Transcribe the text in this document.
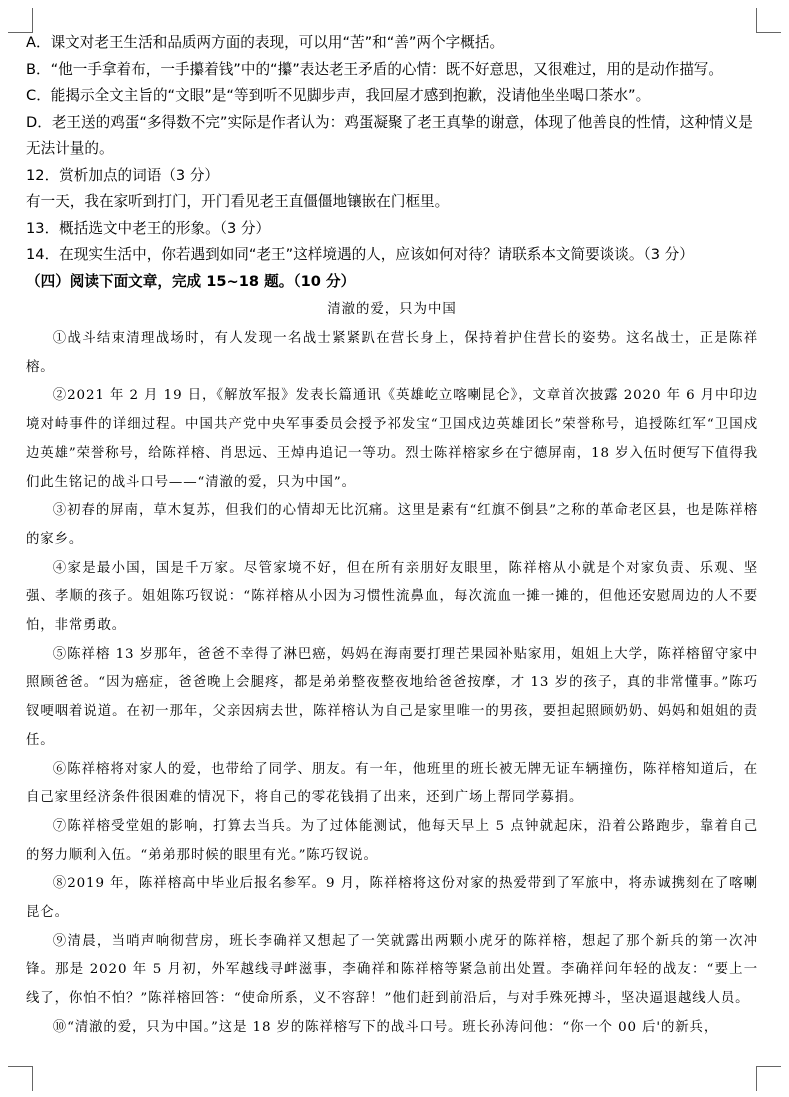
A．课文对老王生活和品质两方面的表现，可以用“苦”和“善”两个字概括。

B．“他一手拿着布，一手攥着钱”中的“攥”表达老王矛盾的心情：既不好意思，又很难过，用的是动作描写。

C．能揭示全文主旨的“文眼”是“等到听不见脚步声，我回屋才感到抱歉，没请他坐坐喝口茶水”。

D．老王送的鸡蛋“多得数不完”实际是作者认为：鸡蛋凝聚了老王真挚的谢意，体现了他善良的性情，这种情义是无法计量的。

12．赏析加点的词语（3 分）

有一天，我在家听到打门，开门看见老王直僵僵地镶嵌在门框里。

13．概括选文中老王的形象。（3 分）

14．在现实生活中，你若遇到如同“老王”这样境遇的人，应该如何对待？请联系本文简要谈谈。（3 分）

（四）阅读下面文章，完成 15~18 题。（10 分）

清澈的爱，只为中国

①战斗结束清理战场时，有人发现一名战士紧紧趴在营长身上，保持着护住营长的姿势。这名战士，正是陈祥榕。

②2021 年 2 月 19 日，《解放军报》发表长篇通讯《英雄屹立喀喇昆仑》，文章首次披露 2020 年 6 月中印边境对峙事件的详细过程。中国共产党中央军事委员会授予祁发宝“卫国戍边英雄团长”荣誉称号，追授陈红军“卫国戍边英雄”荣誉称号，给陈祥榕、肖思远、王焯冉追记一等功。烈士陈祥榕家乡在宁德屏南，18 岁入伍时便写下值得我们此生铭记的战斗口号——“清澈的爱，只为中国”。

③初春的屏南，草木复苏，但我们的心情却无比沉痛。这里是素有“红旗不倒县”之称的革命老区县，也是陈祥榕的家乡。

④家是最小国，国是千万家。尽管家境不好，但在所有亲朋好友眼里，陈祥榕从小就是个对家负责、乐观、坚强、孝顺的孩子。姐姐陈巧钗说：“陈祥榕从小因为习惯性流鼻血，每次流血一摊一摊的，但他还安慰周边的人不要怕，非常勇敢。

⑤陈祥榕 13 岁那年，爸爸不幸得了淋巴癌，妈妈在海南要打理芒果园补贴家用，姐姐上大学，陈祥榕留守家中照顾爸爸。“因为癌症，爸爸晚上会腿疼，都是弟弟整夜整夜地给爸爸按摩，才 13 岁的孩子，真的非常懂事。”陈巧钗哽咽着说道。在初一那年，父亲因病去世，陈祥榕认为自己是家里唯一的男孩，要担起照顾奶奶、妈妈和姐姐的责任。

⑥陈祥榕将对家人的爱，也带给了同学、朋友。有一年，他班里的班长被无牌无证车辆撞伤，陈祥榕知道后，在自己家里经济条件很困难的情况下，将自己的零花钱捐了出来，还到广场上帮同学募捐。

⑦陈祥榕受堂姐的影响，打算去当兵。为了过体能测试，他每天早上 5 点钟就起床，沿着公路跑步，靠着自己的努力顺利入伍。“弟弟那时候的眼里有光。”陈巧钗说。

⑧2019 年，陈祥榕高中毕业后报名参军。9 月，陈祥榕将这份对家的热爱带到了军旅中，将赤诚携刻在了喀喇昆仑。

⑨清晨，当哨声响彻营房，班长李确祥又想起了一笑就露出两颗小虎牙的陈祥榕，想起了那个新兵的第一次冲锋。那是 2020 年 5 月初，外军越线寻衅滋事，李确祥和陈祥榕等紧急前出处置。李确祥问年轻的战友：“要上一线了，你怕不怕？”陈祥榕回答：“使命所系，义不容辞！”他们赶到前沿后，与对手殊死搏斗，坚决逼退越线人员。

⑩“清澈的爱，只为中国。”这是 18 岁的陈祥榕写下的战斗口号。班长孙涛问他：“你一个 00 后'的新兵，
